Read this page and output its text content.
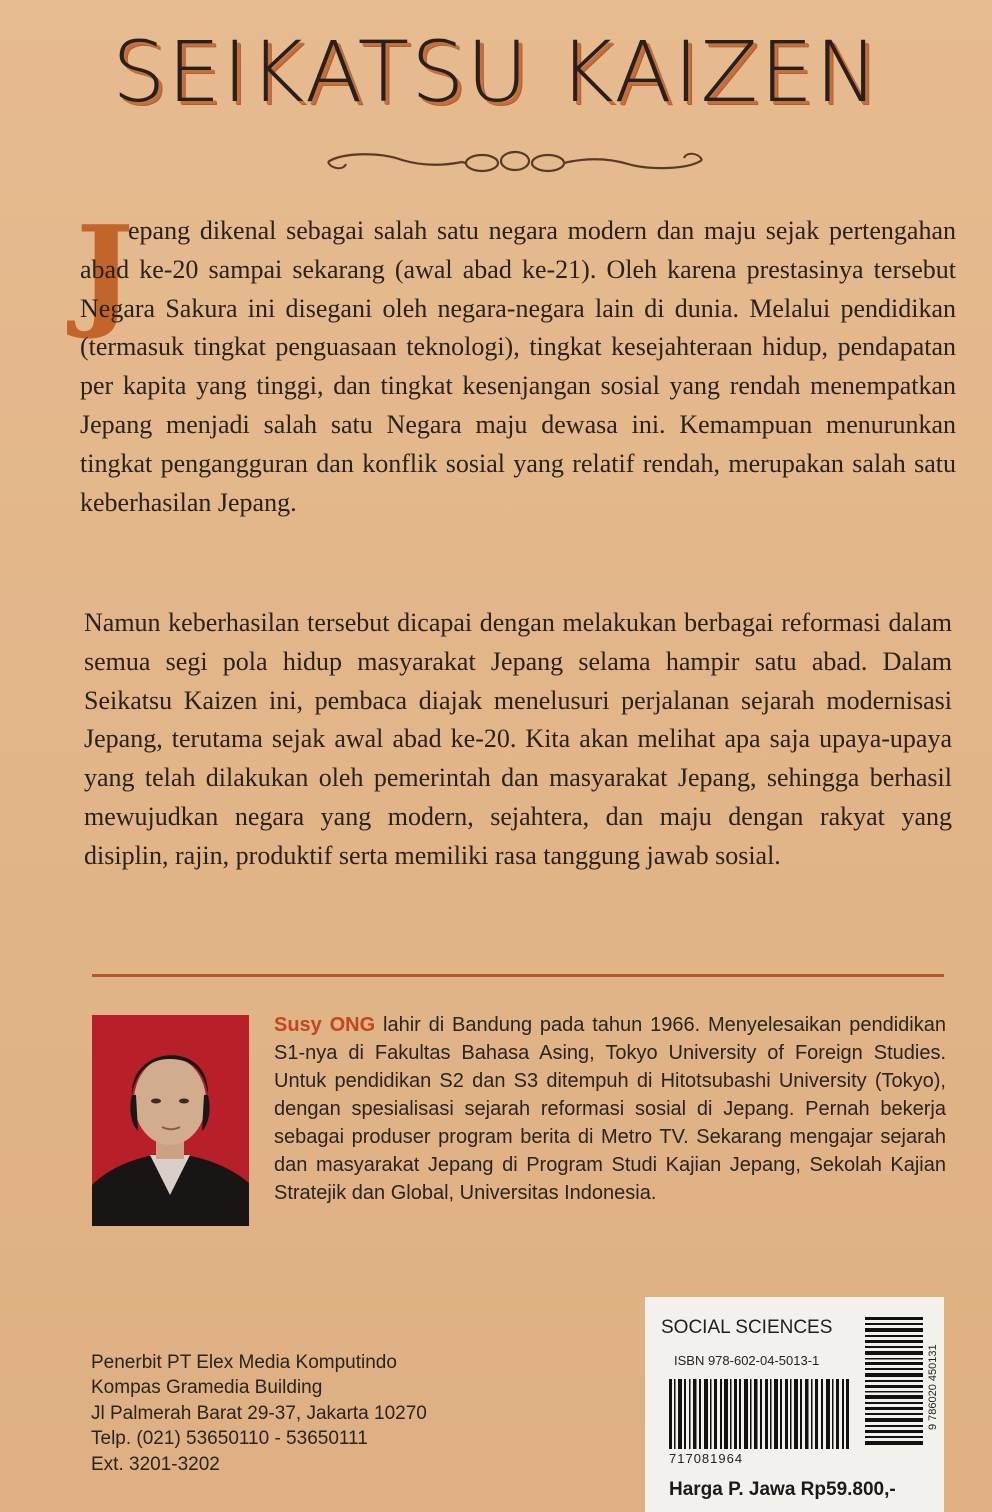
SEIKATSU KAIZEN
J
epang dikenal sebagai salah satu negara modern dan maju sejak pertengahan abad ke-20 sampai sekarang (awal abad ke-21). Oleh karena prestasinya tersebut Negara Sakura ini disegani oleh negara-negara lain di dunia. Melalui pendidikan (termasuk tingkat penguasaan teknologi), tingkat kesejahteraan hidup, pendapatan per kapita yang tinggi, dan tingkat kesenjangan sosial yang rendah menempatkan Jepang menjadi salah satu Negara maju dewasa ini. Kemampuan menurunkan tingkat pengangguran dan konflik sosial yang relatif rendah, merupakan salah satu keberhasilan Jepang.
Namun keberhasilan tersebut dicapai dengan melakukan berbagai reformasi dalam semua segi pola hidup masyarakat Jepang selama hampir satu abad. Dalam Seikatsu Kaizen ini, pembaca diajak menelusuri perjalanan sejarah modernisasi Jepang, terutama sejak awal abad ke-20. Kita akan melihat apa saja upaya-upaya yang telah dilakukan oleh pemerintah dan masyarakat Jepang, sehingga berhasil mewujudkan negara yang modern, sejahtera, dan maju dengan rakyat yang disiplin, rajin, produktif serta memiliki rasa tanggung jawab sosial.
Susy ONG lahir di Bandung pada tahun 1966. Menyelesaikan pendidikan S1-nya di Fakultas Bahasa Asing, Tokyo University of Foreign Studies. Untuk pendidikan S2 dan S3 ditempuh di Hitotsubashi University (Tokyo), dengan spesialisasi sejarah reformasi sosial di Jepang. Pernah bekerja sebagai produser program berita di Metro TV. Sekarang mengajar sejarah dan masyarakat Jepang di Program Studi Kajian Jepang, Sekolah Kajian Stratejik dan Global, Universitas Indonesia.
Penerbit PT Elex Media Komputindo
Kompas Gramedia Building
Jl Palmerah Barat 29-37, Jakarta 10270
Telp. (021) 53650110 - 53650111
Ext. 3201-3202
SOCIAL SCIENCES
ISBN 978-602-04-5013-1	9 786020 450131
717081964
Harga P. Jawa Rp59.800,-
